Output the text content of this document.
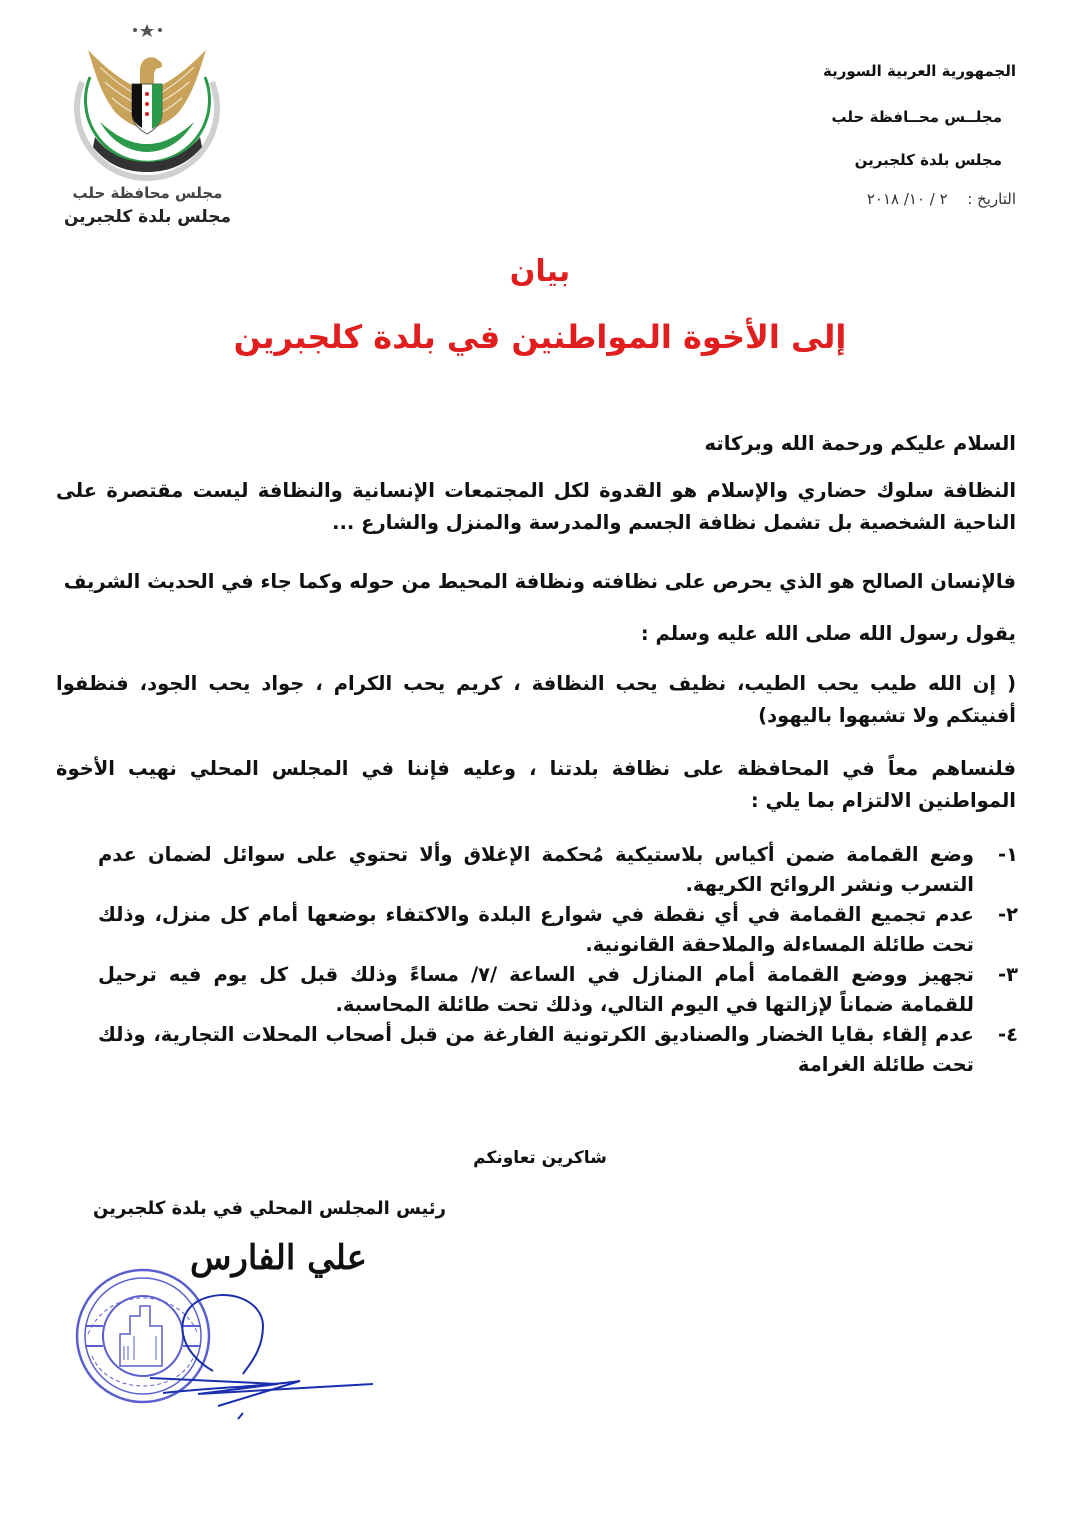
مجلس محافظة حلب
مجلس بلدة كلجبرين
الجمهورية العربية السورية
مجلــس محــافظة حلب
مجلس بلدة كلجبرين
التاريخ :  ٢ / ١٠/ ٢٠١٨
بيان
إلى الأخوة المواطنين في بلدة كلجبرين
السلام عليكم ورحمة الله وبركاته
النظافة سلوك حضاري والإسلام هو القدوة لكل المجتمعات الإنسانية والنظافة ليست مقتصرة على الناحية الشخصية بل تشمل نظافة الجسم والمدرسة والمنزل والشارع ...
فالإنسان الصالح هو الذي يحرص على نظافته ونظافة المحيط من حوله وكما جاء في الحديث الشريف
يقول رسول الله صلى الله عليه وسلم :
( إن الله طيب يحب الطيب، نظيف يحب النظافة ، كريم يحب الكرام ، جواد يحب الجود، فنظفوا أفنيتكم ولا تشبهوا باليهود)
فلنساهم معاً في المحافظة على نظافة بلدتنا ، وعليه فإننا في المجلس المحلي نهيب الأخوة المواطنين الالتزام بما يلي :
١-
وضع القمامة ضمن أكياس بلاستيكية مُحكمة الإغلاق وألا تحتوي على سوائل لضمان عدم التسرب ونشر الروائح الكريهة.
٢-
عدم تجميع القمامة في أي نقطة في شوارع البلدة والاكتفاء بوضعها أمام كل منزل، وذلك تحت طائلة المساءلة والملاحقة القانونية.
٣-
تجهيز ووضع القمامة أمام المنازل في الساعة /٧/ مساءً وذلك قبل كل يوم فيه ترحيل للقمامة ضماناً لإزالتها في اليوم التالي، وذلك تحت طائلة المحاسبة.
٤-
عدم إلقاء بقايا الخضار والصناديق الكرتونية الفارغة من قبل أصحاب المحلات التجارية، وذلك تحت طائلة الغرامة
شاكرين تعاونكم
رئيس المجلس المحلي في بلدة كلجبرين
علي الفارس
